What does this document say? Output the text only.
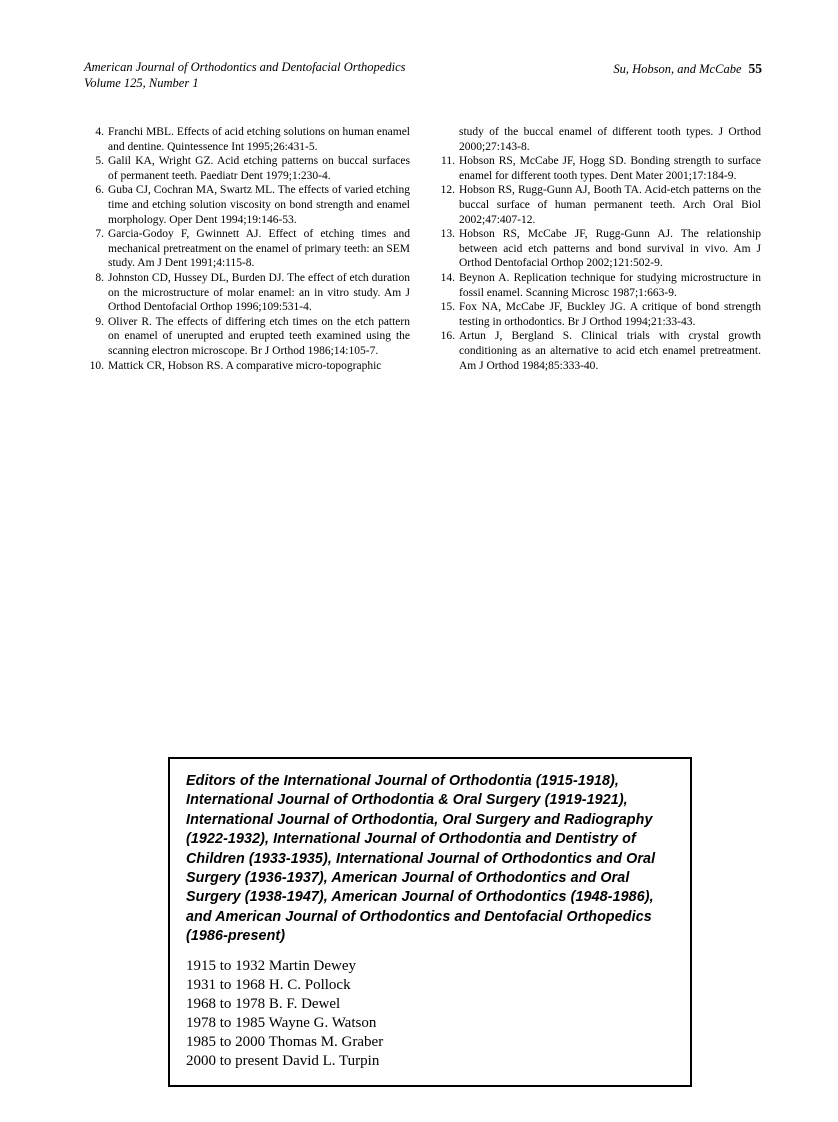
American Journal of Orthodontics and Dentofacial Orthopedics
Volume 125, Number 1
Su, Hobson, and McCabe 55
4. Franchi MBL. Effects of acid etching solutions on human enamel and dentine. Quintessence Int 1995;26:431-5.
5. Galil KA, Wright GZ. Acid etching patterns on buccal surfaces of permanent teeth. Paediatr Dent 1979;1:230-4.
6. Guba CJ, Cochran MA, Swartz ML. The effects of varied etching time and etching solution viscosity on bond strength and enamel morphology. Oper Dent 1994;19:146-53.
7. Garcia-Godoy F, Gwinnett AJ. Effect of etching times and mechanical pretreatment on the enamel of primary teeth: an SEM study. Am J Dent 1991;4:115-8.
8. Johnston CD, Hussey DL, Burden DJ. The effect of etch duration on the microstructure of molar enamel: an in vitro study. Am J Orthod Dentofacial Orthop 1996;109:531-4.
9. Oliver R. The effects of differing etch times on the etch pattern on enamel of unerupted and erupted teeth examined using the scanning electron microscope. Br J Orthod 1986;14:105-7.
10. Mattick CR, Hobson RS. A comparative micro-topographic
study of the buccal enamel of different tooth types. J Orthod 2000;27:143-8.
11. Hobson RS, McCabe JF, Hogg SD. Bonding strength to surface enamel for different tooth types. Dent Mater 2001;17:184-9.
12. Hobson RS, Rugg-Gunn AJ, Booth TA. Acid-etch patterns on the buccal surface of human permanent teeth. Arch Oral Biol 2002;47:407-12.
13. Hobson RS, McCabe JF, Rugg-Gunn AJ. The relationship between acid etch patterns and bond survival in vivo. Am J Orthod Dentofacial Orthop 2002;121:502-9.
14. Beynon A. Replication technique for studying microstructure in fossil enamel. Scanning Microsc 1987;1:663-9.
15. Fox NA, McCabe JF, Buckley JG. A critique of bond strength testing in orthodontics. Br J Orthod 1994;21:33-43.
16. Artun J, Bergland S. Clinical trials with crystal growth conditioning as an alternative to acid etch enamel pretreatment. Am J Orthod 1984;85:333-40.
Editors of the International Journal of Orthodontia (1915-1918), International Journal of Orthodontia & Oral Surgery (1919-1921), International Journal of Orthodontia, Oral Surgery and Radiography (1922-1932), International Journal of Orthodontia and Dentistry of Children (1933-1935), International Journal of Orthodontics and Oral Surgery (1936-1937), American Journal of Orthodontics and Oral Surgery (1938-1947), American Journal of Orthodontics (1948-1986), and American Journal of Orthodontics and Dentofacial Orthopedics (1986-present)
1915 to 1932 Martin Dewey
1931 to 1968 H. C. Pollock
1968 to 1978 B. F. Dewel
1978 to 1985 Wayne G. Watson
1985 to 2000 Thomas M. Graber
2000 to present David L. Turpin
